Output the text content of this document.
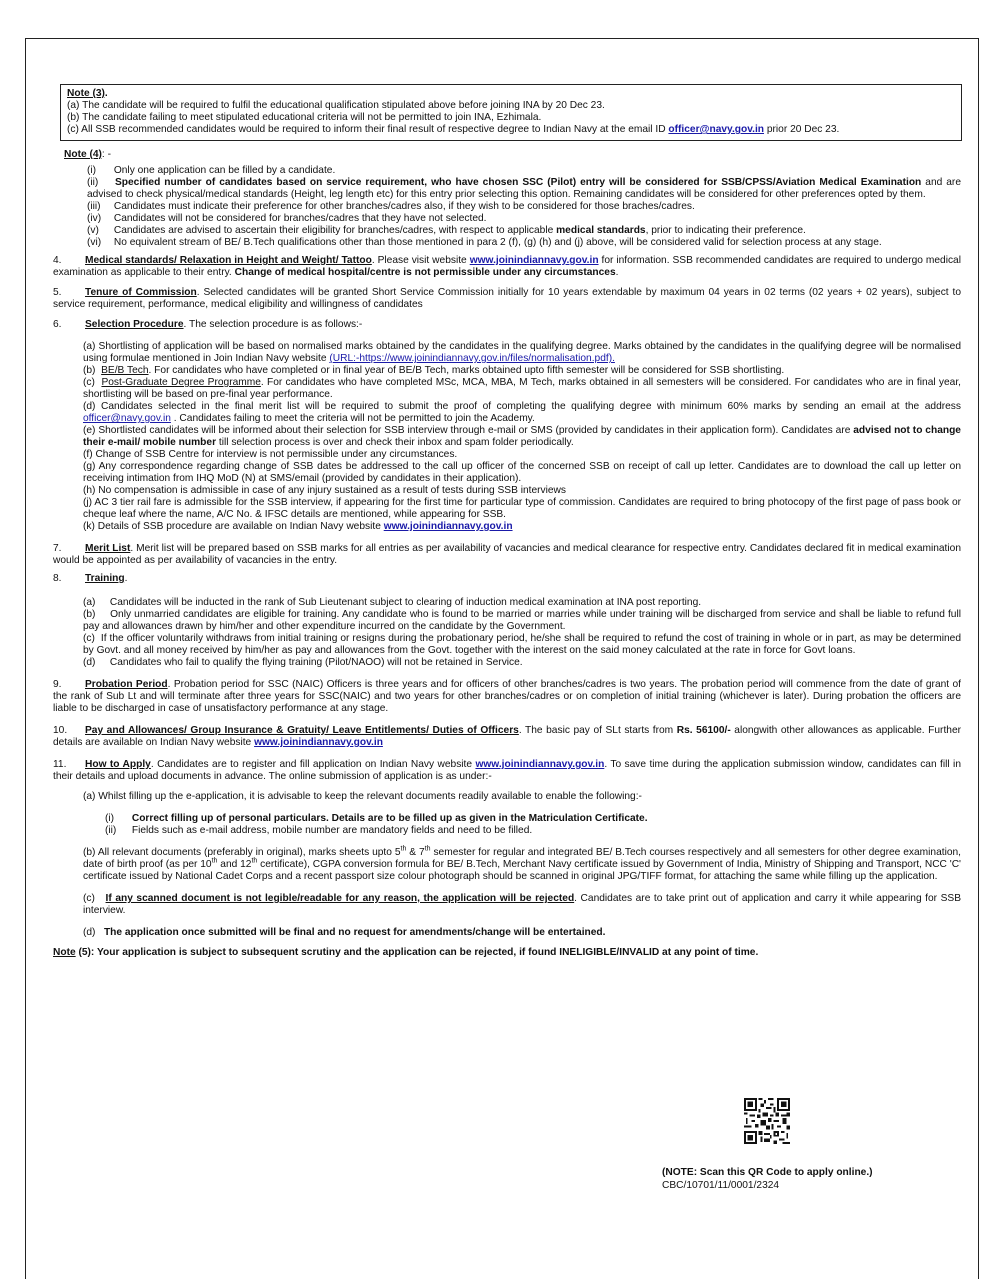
Note (3).

(a) The candidate will be required to fulfil the educational qualification stipulated above before joining INA by 20 Dec 23.

(b) The candidate failing to meet stipulated educational criteria will not be permitted to join INA, Ezhimala.

(c) All SSB recommended candidates would be required to inform their final result of respective degree to Indian Navy at the email ID officer@navy.gov.in prior 20 Dec 23.

Note (4): -

(i) Only one application can be filled by a candidate.

(ii) Specified number of candidates based on service requirement, who have chosen SSC (Pilot) entry will be considered for SSB/CPSS/Aviation Medical Examination and are advised to check physical/medical standards (Height, leg length etc) for this entry prior selecting this option. Remaining candidates will be considered for other preferences opted by them.

(iii) Candidates must indicate their preference for other branches/cadres also, if they wish to be considered for those braches/cadres.

(iv) Candidates will not be considered for branches/cadres that they have not selected.

(v) Candidates are advised to ascertain their eligibility for branches/cadres, with respect to applicable medical standards, prior to indicating their preference.

(vi) No equivalent stream of BE/ B.Tech qualifications other than those mentioned in para 2 (f), (g) (h) and (j) above, will be considered valid for selection process at any stage.

4. Medical standards/ Relaxation in Height and Weight/ Tattoo. Please visit website www.joinindiannavy.gov.in for information. SSB recommended candidates are required to undergo medical examination as applicable to their entry. Change of medical hospital/centre is not permissible under any circumstances.

5. Tenure of Commission. Selected candidates will be granted Short Service Commission initially for 10 years extendable by maximum 04 years in 02 terms (02 years + 02 years), subject to service requirement, performance, medical eligibility and willingness of candidates

6. Selection Procedure. The selection procedure is as follows:-

(a) Shortlisting of application will be based on normalised marks obtained by the candidates in the qualifying degree. Marks obtained by the candidates in the qualifying degree will be normalised using formulae mentioned in Join Indian Navy website (URL:-https://www.joinindiannavy.gov.in/files/normalisation.pdf).

(b) BE/B Tech. For candidates who have completed or in final year of BE/B Tech, marks obtained upto fifth semester will be considered for SSB shortlisting.

(c) Post-Graduate Degree Programme. For candidates who have completed MSc, MCA, MBA, M Tech, marks obtained in all semesters will be considered. For candidates who are in final year, shortlisting will be based on pre-final year performance.

(d) Candidates selected in the final merit list will be required to submit the proof of completing the qualifying degree with minimum 60% marks by sending an email at the address officer@navy.gov.in . Candidates failing to meet the criteria will not be permitted to join the Academy.

(e) Shortlisted candidates will be informed about their selection for SSB interview through e-mail or SMS (provided by candidates in their application form). Candidates are advised not to change their e-mail/ mobile number till selection process is over and check their inbox and spam folder periodically.

(f) Change of SSB Centre for interview is not permissible under any circumstances.

(g) Any correspondence regarding change of SSB dates be addressed to the call up officer of the concerned SSB on receipt of call up letter. Candidates are to download the call up letter on receiving intimation from IHQ MoD (N) at SMS/email (provided by candidates in their application).

(h) No compensation is admissible in case of any injury sustained as a result of tests during SSB interviews

(j) AC 3 tier rail fare is admissible for the SSB interview, if appearing for the first time for particular type of commission. Candidates are required to bring photocopy of the first page of pass book or cheque leaf where the name, A/C No. & IFSC details are mentioned, while appearing for SSB.

(k) Details of SSB procedure are available on Indian Navy website www.joinindiannavy.gov.in

7. Merit List. Merit list will be prepared based on SSB marks for all entries as per availability of vacancies and medical clearance for respective entry. Candidates declared fit in medical examination would be appointed as per availability of vacancies in the entry.

8. Training.

(a) Candidates will be inducted in the rank of Sub Lieutenant subject to clearing of induction medical examination at INA post reporting.

(b) Only unmarried candidates are eligible for training. Any candidate who is found to be married or marries while under training will be discharged from service and shall be liable to refund full pay and allowances drawn by him/her and other expenditure incurred on the candidate by the Government.

(c) If the officer voluntarily withdraws from initial training or resigns during the probationary period, he/she shall be required to refund the cost of training in whole or in part, as may be determined by Govt. and all money received by him/her as pay and allowances from the Govt. together with the interest on the said money calculated at the rate in force for Govt loans.

(d) Candidates who fail to qualify the flying training (Pilot/NAOO) will not be retained in Service.

9. Probation Period. Probation period for SSC (NAIC) Officers is three years and for officers of other branches/cadres is two years. The probation period will commence from the date of grant of the rank of Sub Lt and will terminate after three years for SSC(NAIC) and two years for other branches/cadres or on completion of initial training (whichever is later). During probation the officers are liable to be discharged in case of unsatisfactory performance at any stage.

10. Pay and Allowances/ Group Insurance & Gratuity/ Leave Entitlements/ Duties of Officers. The basic pay of SLt starts from Rs. 56100/- alongwith other allowances as applicable. Further details are available on Indian Navy website www.joinindiannavy.gov.in

11. How to Apply. Candidates are to register and fill application on Indian Navy website www.joinindiannavy.gov.in. To save time during the application submission window, candidates can fill in their details and upload documents in advance. The online submission of application is as under:-

(a) Whilst filling up the e-application, it is advisable to keep the relevant documents readily available to enable the following:-

(i) Correct filling up of personal particulars. Details are to be filled up as given in the Matriculation Certificate.

(ii) Fields such as e-mail address, mobile number are mandatory fields and need to be filled.

(b) All relevant documents (preferably in original), marks sheets upto 5th & 7th semester for regular and integrated BE/ B.Tech courses respectively and all semesters for other degree examination, date of birth proof (as per 10th and 12th certificate), CGPA conversion formula for BE/ B.Tech, Merchant Navy certificate issued by Government of India, Ministry of Shipping and Transport, NCC 'C' certificate issued by National Cadet Corps and a recent passport size colour photograph should be scanned in original JPG/TIFF format, for attaching the same while filling up the application.

(c) If any scanned document is not legible/readable for any reason, the application will be rejected. Candidates are to take print out of application and carry it while appearing for SSB interview.

(d) The application once submitted will be final and no request for amendments/change will be entertained.

Note (5): Your application is subject to subsequent scrutiny and the application can be rejected, if found INELIGIBLE/INVALID at any point of time.

(NOTE: Scan this QR Code to apply online.)
CBC/10701/11/0001/2324
